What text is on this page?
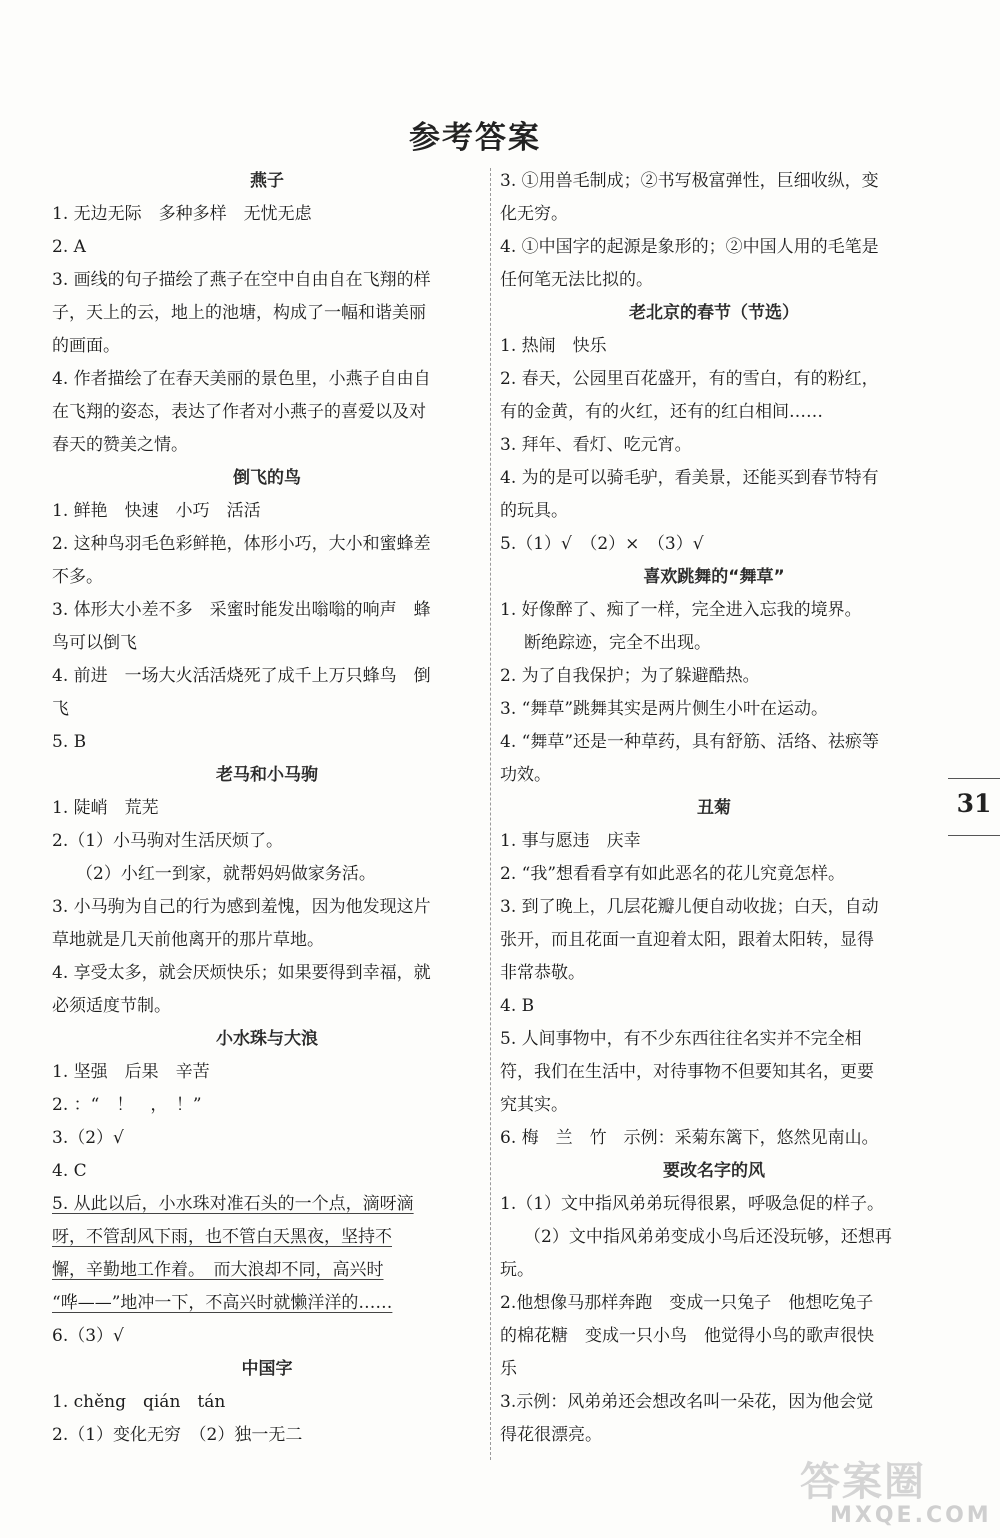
参考答案
燕子
1. 无边无际　多种多样　无忧无虑
2. A
3. 画线的句子描绘了燕子在空中自由自在飞翔的样
子，天上的云，地上的池塘，构成了一幅和谐美丽
的画面。
4. 作者描绘了在春天美丽的景色里，小燕子自由自
在飞翔的姿态，表达了作者对小燕子的喜爱以及对
春天的赞美之情。
倒飞的鸟
1. 鲜艳　快速　小巧　活活
2. 这种鸟羽毛色彩鲜艳，体形小巧，大小和蜜蜂差
不多。
3. 体形大小差不多　采蜜时能发出嗡嗡的响声　蜂
鸟可以倒飞
4. 前进　一场大火活活烧死了成千上万只蜂鸟　倒
飞
5. B
老马和小马驹
1. 陡峭　荒芜
2.（1）小马驹对生活厌烦了。
（2）小红一到家，就帮妈妈做家务活。
3. 小马驹为自己的行为感到羞愧，因为他发现这片
草地就是几天前他离开的那片草地。
4. 享受太多，就会厌烦快乐；如果要得到幸福，就
必须适度节制。
小水珠与大浪
1. 坚强　后果　辛苦
2. ：“　！　，　！”
3.（2）√
4. C
5. 从此以后，小水珠对准石头的一个点，滴呀滴
呀，不管刮风下雨，也不管白天黑夜，坚持不
懈，辛勤地工作着。　而大浪却不同，高兴时
“哗——”地冲一下，不高兴时就懒洋洋的……
6.（3）√
中国字
1. chěng　qián　tán
2.（1）变化无穷　（2）独一无二
3. ①用兽毛制成；②书写极富弹性，巨细收纵，变
化无穷。
4. ①中国字的起源是象形的；②中国人用的毛笔是
任何笔无法比拟的。
老北京的春节（节选）
1. 热闹　快乐
2. 春天，公园里百花盛开，有的雪白，有的粉红，
有的金黄，有的火红，还有的红白相间……
3. 拜年、看灯、吃元宵。
4. 为的是可以骑毛驴，看美景，还能买到春节特有
的玩具。
5.（1）√　（2）×　（3）√
喜欢跳舞的“舞草”
1. 好像醉了、痴了一样，完全进入忘我的境界。
断绝踪迹，完全不出现。
2. 为了自我保护；为了躲避酷热。
3. “舞草”跳舞其实是两片侧生小叶在运动。
4. “舞草”还是一种草药，具有舒筋、活络、祛瘀等
功效。
丑菊
1. 事与愿违　庆幸
2. “我”想看看享有如此恶名的花儿究竟怎样。
3. 到了晚上，几层花瓣儿便自动收拢；白天，自动
张开，而且花面一直迎着太阳，跟着太阳转，显得
非常恭敬。
4. B
5. 人间事物中，有不少东西往往名实并不完全相
符，我们在生活中，对待事物不但要知其名，更要
究其实。
6. 梅　兰　竹　示例：采菊东篱下，悠然见南山。
要改名字的风
1.（1）文中指风弟弟玩得很累，呼吸急促的样子。
（2）文中指风弟弟变成小鸟后还没玩够，还想再
玩。
2.他想像马那样奔跑　变成一只兔子　他想吃兔子
的棉花糖　变成一只小鸟　他觉得小鸟的歌声很快
乐
3.示例：风弟弟还会想改名叫一朵花，因为他会觉
得花很漂亮。
31
答案圈
MXQE.COM
